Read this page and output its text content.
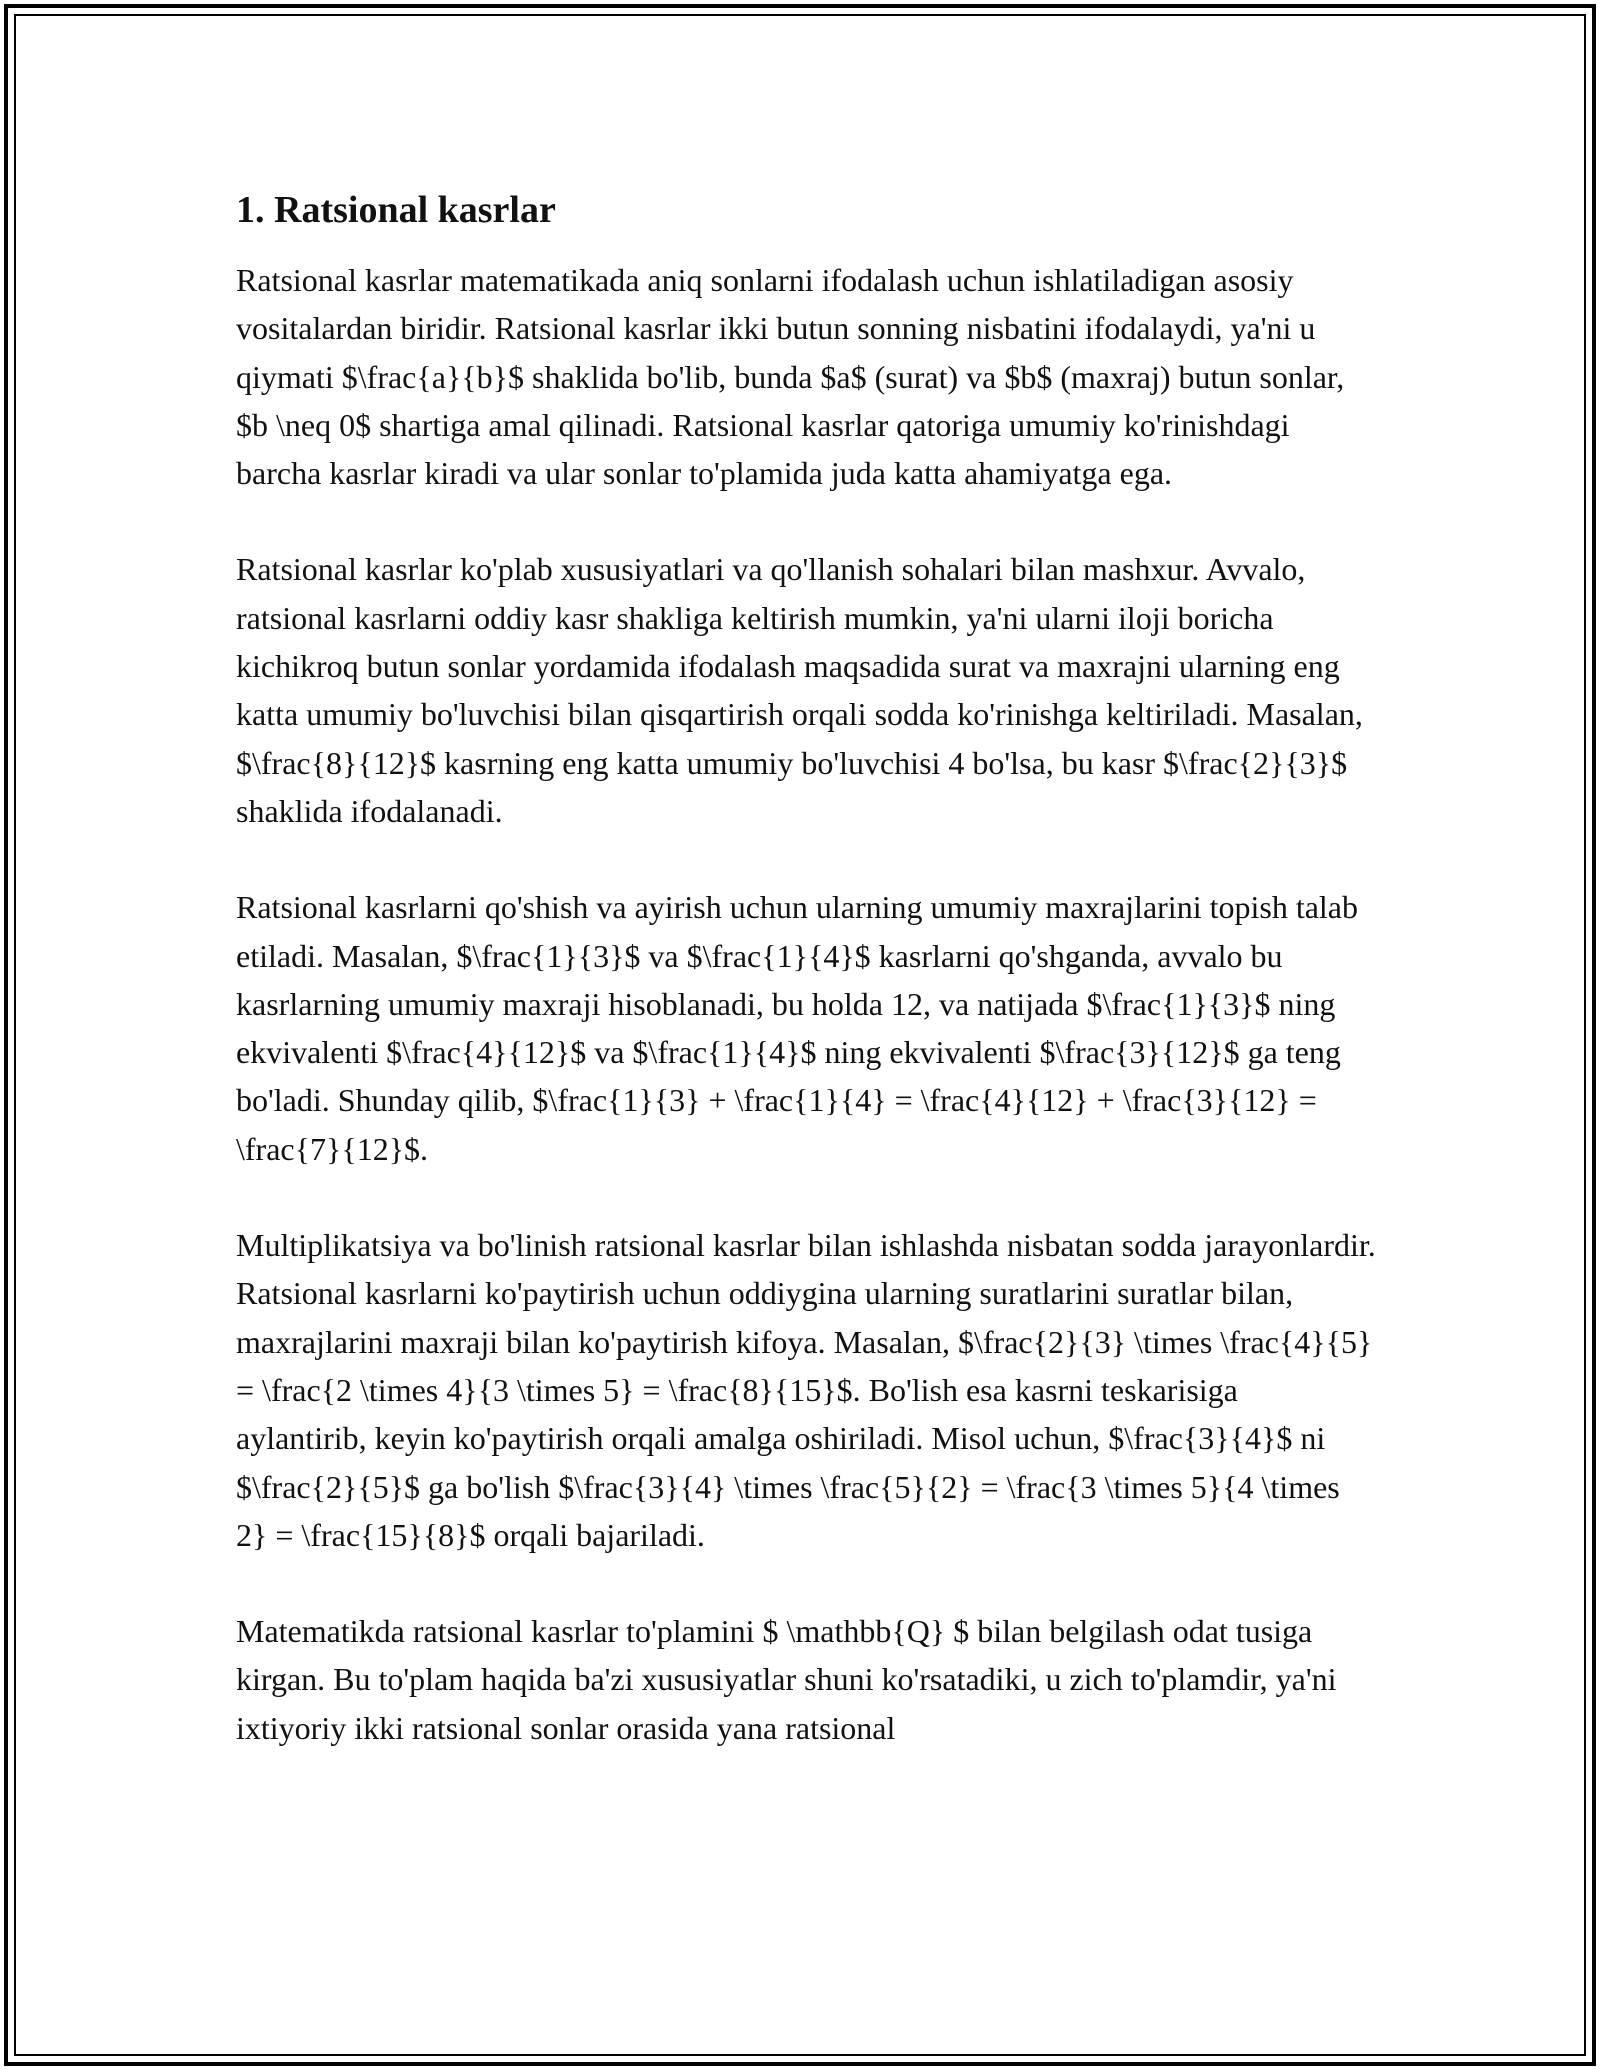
1. Ratsional kasrlar

Ratsional kasrlar matematikada aniq sonlarni ifodalash uchun ishlatiladigan asosiy vositalardan biridir. Ratsional kasrlar ikki butun sonning nisbatini ifodalaydi, ya'ni u qiymati $\frac{a}{b}$ shaklida bo'lib, bunda $a$ (surat) va $b$ (maxraj) butun sonlar, $b \neq 0$ shartiga amal qilinadi. Ratsional kasrlar qatoriga umumiy ko'rinishdagi barcha kasrlar kiradi va ular sonlar to'plamida juda katta ahamiyatga ega.

Ratsional kasrlar ko'plab xususiyatlari va qo'llanish sohalari bilan mashxur. Avvalo, ratsional kasrlarni oddiy kasr shakliga keltirish mumkin, ya'ni ularni iloji boricha kichikroq butun sonlar yordamida ifodalash maqsadida surat va maxrajni ularning eng katta umumiy bo'luvchisi bilan qisqartirish orqali sodda ko'rinishga keltiriladi. Masalan, $\frac{8}{12}$ kasrning eng katta umumiy bo'luvchisi 4 bo'lsa, bu kasr $\frac{2}{3}$ shaklida ifodalanadi.

Ratsional kasrlarni qo'shish va ayirish uchun ularning umumiy maxrajlarini topish talab etiladi. Masalan, $\frac{1}{3}$ va $\frac{1}{4}$ kasrlarni qo'shganda, avvalo bu kasrlarning umumiy maxraji hisoblanadi, bu holda 12, va natijada $\frac{1}{3}$ ning ekvivalenti $\frac{4}{12}$ va $\frac{1}{4}$ ning ekvivalenti $\frac{3}{12}$ ga teng bo'ladi. Shunday qilib, $\frac{1}{3} + \frac{1}{4} = \frac{4}{12} + \frac{3}{12} = \frac{7}{12}$.

Multiplikatsiya va bo'linish ratsional kasrlar bilan ishlashda nisbatan sodda jarayonlardir. Ratsional kasrlarni ko'paytirish uchun oddiygina ularning suratlarini suratlar bilan, maxrajlarini maxraji bilan ko'paytirish kifoya. Masalan, $\frac{2}{3} \times \frac{4}{5} = \frac{2 \times 4}{3 \times 5} = \frac{8}{15}$. Bo'lish esa kasrni teskarisiga aylantirib, keyin ko'paytirish orqali amalga oshiriladi. Misol uchun, $\frac{3}{4}$ ni $\frac{2}{5}$ ga bo'lish $\frac{3}{4} \times \frac{5}{2} = \frac{3 \times 5}{4 \times 2} = \frac{15}{8}$ orqali bajariladi.

Matematikda ratsional kasrlar to'plamini $ \mathbb{Q} $ bilan belgilash odat tusiga kirgan. Bu to'plam haqida ba'zi xususiyatlar shuni ko'rsatadiki, u zich to'plamdir, ya'ni ixtiyoriy ikki ratsional sonlar orasida yana ratsional
